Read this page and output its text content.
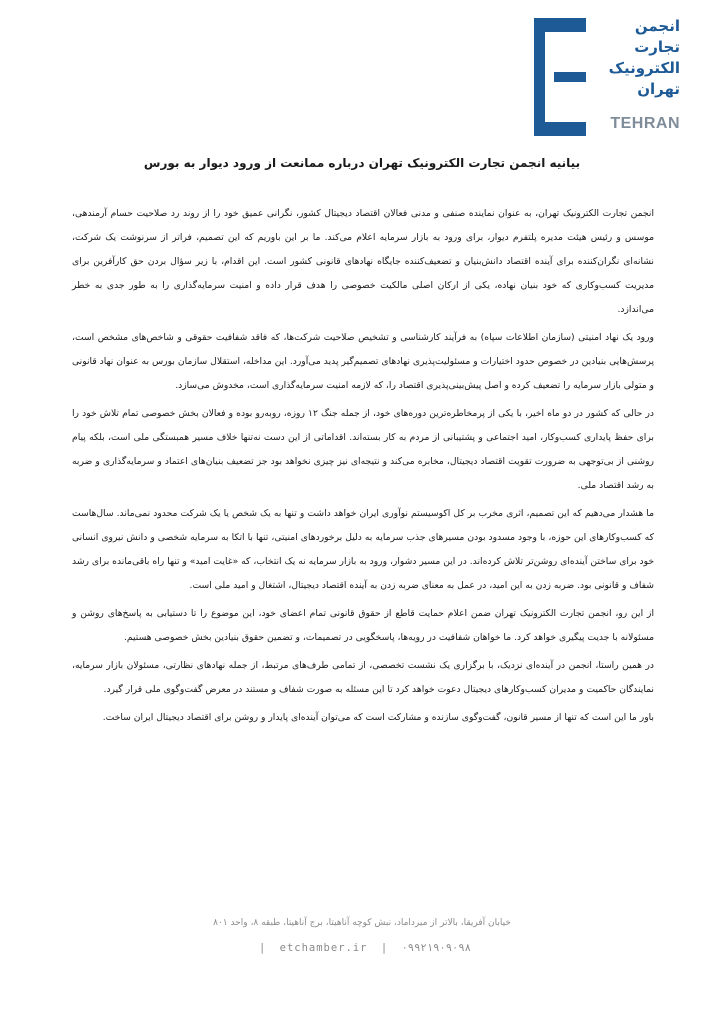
انجمن
تجارت
الکترونیک
تهران
TEHRAN
بیانیه انجمن تجارت الکترونیک تهران درباره ممانعت از ورود دیوار به بورس

انجمن تجارت الکترونیک تهران، به عنوان نماینده صنفی و مدنی فعالان اقتصاد دیجیتال کشور، نگرانی عمیق خود را از روند رد صلاحیت حسام آرمندهی، موسس و رئیس هیئت مدیره پلتفرم دیوار، برای ورود به بازار سرمایه اعلام می‌کند. ما بر این باوریم که این تصمیم، فراتر از سرنوشت یک شرکت، نشانه‌ای نگران‌کننده برای آینده اقتصاد دانش‌بنیان و تضعیف‌کننده جایگاه نهادهای قانونی کشور است. این اقدام، با زیر سؤال بردن حق کارآفرین برای مدیریت کسب‌وکاری که خود بنیان نهاده، یکی از ارکان اصلی مالکیت خصوصی را هدف قرار داده و امنیت سرمایه‌گذاری را به طور جدی به خطر می‌اندازد.

ورود یک نهاد امنیتی (سازمان اطلاعات سپاه) به فرآیند کارشناسی و تشخیص صلاحیت شرکت‌ها، که فاقد شفافیت حقوقی و شاخص‌های مشخص است، پرسش‌هایی بنیادین در خصوص حدود اختیارات و مسئولیت‌پذیری نهادهای تصمیم‌گیر پدید می‌آورد. این مداخله، استقلال سازمان بورس به عنوان نهاد قانونی و متولی بازار سرمایه را تضعیف کرده و اصل پیش‌بینی‌پذیری اقتصاد را، که لازمه امنیت سرمایه‌گذاری است، مخدوش می‌سازد.

در حالی که کشور در دو ماه اخیر، با یکی از پرمخاطره‌ترین دوره‌های خود، از جمله جنگ ۱۲ روزه، روبه‌رو بوده و فعالان بخش خصوصی تمام تلاش خود را برای حفظ پایداری کسب‌وکار، امید اجتماعی و پشتیبانی از مردم به کار بسته‌اند. اقداماتی از این دست نه‌تنها خلاف مسیر همبستگی ملی است، بلکه پیام روشنی از بی‌توجهی به ضرورت تقویت اقتصاد دیجیتال، مخابره می‌کند و نتیجه‌ای نیز چیزی نخواهد بود جز تضعیف بنیان‌های اعتماد و سرمایه‌گذاری و ضربه به رشد اقتصاد ملی.

ما هشدار می‌دهیم که این تصمیم، اثری مخرب بر کل اکوسیستم نوآوری ایران خواهد داشت و تنها به یک شخص یا یک شرکت محدود نمی‌ماند. سال‌هاست که کسب‌وکارهای این حوزه، با وجود مسدود بودن مسیرهای جذب سرمایه به دلیل برخوردهای امنیتی، تنها با اتکا به سرمایه شخصی و دانش نیروی انسانی خود برای ساختن آینده‌ای روشن‌تر تلاش کرده‌اند. در این مسیر دشوار، ورود به بازار سرمایه نه یک انتخاب، که «غایت امید» و تنها راه باقی‌مانده برای رشد شفاف و قانونی بود. ضربه زدن به این امید، در عمل به معنای ضربه زدن به آینده اقتصاد دیجیتال، اشتغال و امید ملی است.

از این رو، انجمن تجارت الکترونیک تهران ضمن اعلام حمایت قاطع از حقوق قانونی تمام اعضای خود، این موضوع را تا دستیابی به پاسخ‌های روشن و مسئولانه با جدیت پیگیری خواهد کرد. ما خواهان شفافیت در رویه‌ها، پاسخگویی در تصمیمات، و تضمین حقوق بنیادین بخش خصوصی هستیم.

در همین راستا، انجمن در آینده‌ای نزدیک، با برگزاری یک نشست تخصصی، از تمامی طرف‌های مرتبط، از جمله نهادهای نظارتی، مسئولان بازار سرمایه، نمایندگان حاکمیت و مدیران کسب‌وکارهای دیجیتال دعوت خواهد کرد تا این مسئله به صورت شفاف و مستند در معرض گفت‌وگوی ملی قرار گیرد.

باور ما این است که تنها از مسیر قانون، گفت‌وگوی سازنده و مشارکت است که می‌توان آینده‌ای پایدار و روشن برای اقتصاد دیجیتال ایران ساخت.

خیابان آفریقا، بالاتر از میرداماد، نبش کوچه آناهیتا، برج آناهیتا، طبقه ۸، واحد ۸۰۱

| etchamber.ir | ۰۹۹۲۱۹۰۹۰۹۸
